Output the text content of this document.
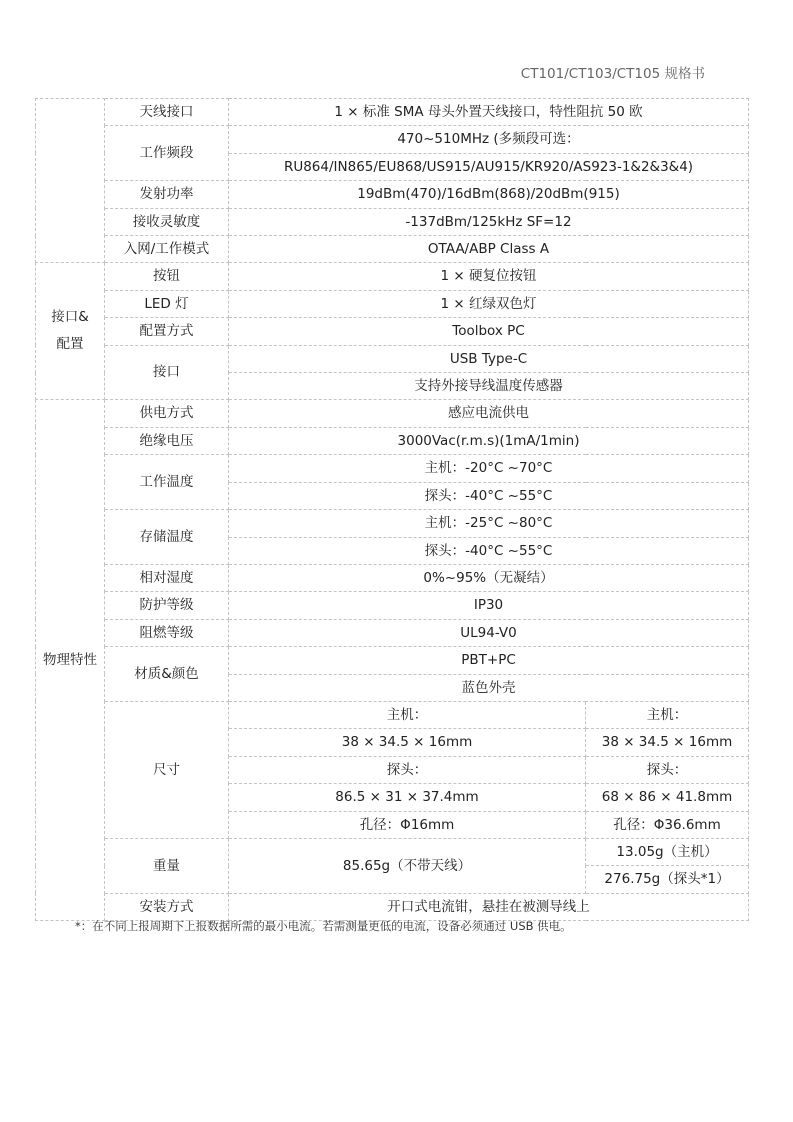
CT101/CT103/CT105 规格书
	天线接口	1 × 标准 SMA 母头外置天线接口，特性阻抗 50 欧	
	工作频段	470~510MHz (多频段可选：	
		RU864/IN865/EU868/US915/AU915/KR920/AS923-1&2&3&4)	
	发射功率	19dBm(470)/16dBm(868)/20dBm(915)	
	接收灵敏度	-137dBm/125kHz SF=12	
	入网/工作模式	OTAA/ABP Class A	

接口&
配置	按钮	1 × 硬复位按钮	
	LED 灯	1 × 红绿双色灯	
	配置方式	Toolbox PC	
	接口	USB Type-C	
		支持外接导线温度传感器	
物理特性	供电方式	感应电流供电	
	绝缘电压	3000Vac(r.m.s)(1mA/1min)	
	工作温度	主机：-20°C ~70°C	
		探头：-40°C ~55°C	
	存储温度	主机：-25°C ~80°C	
		探头：-40°C ~55°C	
	相对湿度	0%~95%（无凝结）	
	防护等级	IP30	
	阻燃等级	UL94-V0	
	材质&颜色	PBT+PC	
		蓝色外壳	
	尺寸	主机：	主机：
		38 × 34.5 × 16mm	38 × 34.5 × 16mm
		探头：	探头：
		86.5 × 31 × 37.4mm	68 × 86 × 41.8mm
		孔径：Φ16mm	孔径：Φ36.6mm
	重量	85.65g（不带天线）	13.05g（主机）
			276.75g（探头*1）
	安装方式	开口式电流钳，悬挂在被测导线上	
*：在不同上报周期下上报数据所需的最小电流。若需测量更低的电流，设备必须通过 USB 供电。
